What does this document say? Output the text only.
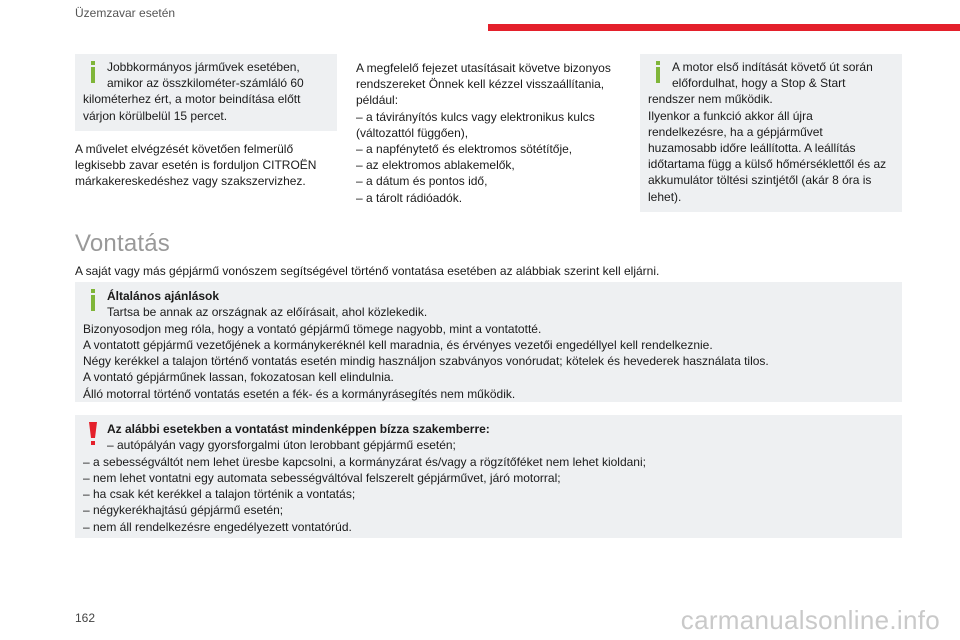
Üzemzavar esetén
Jobbkormányos járművek esetében,
amikor az összkilométer-számláló 60
kilométerhez ért, a motor beindítása előtt
várjon körülbelül 15 percet.
A művelet elvégzését követően felmerülő
legkisebb zavar esetén is forduljon CITROËN
márkakereskedéshez vagy szakszervizhez.

A megfelelő fejezet utasításait követve bizonyos

rendszereket Önnek kell kézzel visszaállítania,

például:

– a távirányítós kulcs vagy elektronikus kulcs

(változattól függően),

– a napfénytető és elektromos sötétítője,

– az elektromos ablakemelők,

– a dátum és pontos idő,

– a tárolt rádióadók.

A motor első indítását követő út során
előfordulhat, hogy a Stop & Start
rendszer nem működik.
Ilyenkor a funkció akkor áll újra
rendelkezésre, ha a gépjárművet
huzamosabb időre leállította. A leállítás
időtartama függ a külső hőmérséklettől és az
akkumulátor töltési szintjétől (akár 8 óra is
lehet).
Vontatás
A saját vagy más gépjármű vonószem segítségével történő vontatása esetében az alábbiak szerint kell eljárni.
Általános ajánlások
Tartsa be annak az országnak az előírásait, ahol közlekedik.
Bizonyosodjon meg róla, hogy a vontató gépjármű tömege nagyobb, mint a vontatotté.
A vontatott gépjármű vezetőjének a kormánykeréknél kell maradnia, és érvényes vezetői engedéllyel kell rendelkeznie.
Négy kerékkel a talajon történő vontatás esetén mindig használjon szabványos vonórudat; kötelek és hevederek használata tilos.
A vontató gépjárműnek lassan, fokozatosan kell elindulnia.
Álló motorral történő vontatás esetén a fék- és a kormányrásegítés nem működik.
Az alábbi esetekben a vontatást mindenképpen bízza szakemberre:
– autópályán vagy gyorsforgalmi úton lerobbant gépjármű esetén;
– a sebességváltót nem lehet üresbe kapcsolni, a kormányzárat és/vagy a rögzítőféket nem lehet kioldani;
– nem lehet vontatni egy automata sebességváltóval felszerelt gépjárművet, járó motorral;
– ha csak két kerékkel a talajon történik a vontatás;
– négykerékhajtású gépjármű esetén;
– nem áll rendelkezésre engedélyezett vontatórúd.
162	carmanualsonline.info
